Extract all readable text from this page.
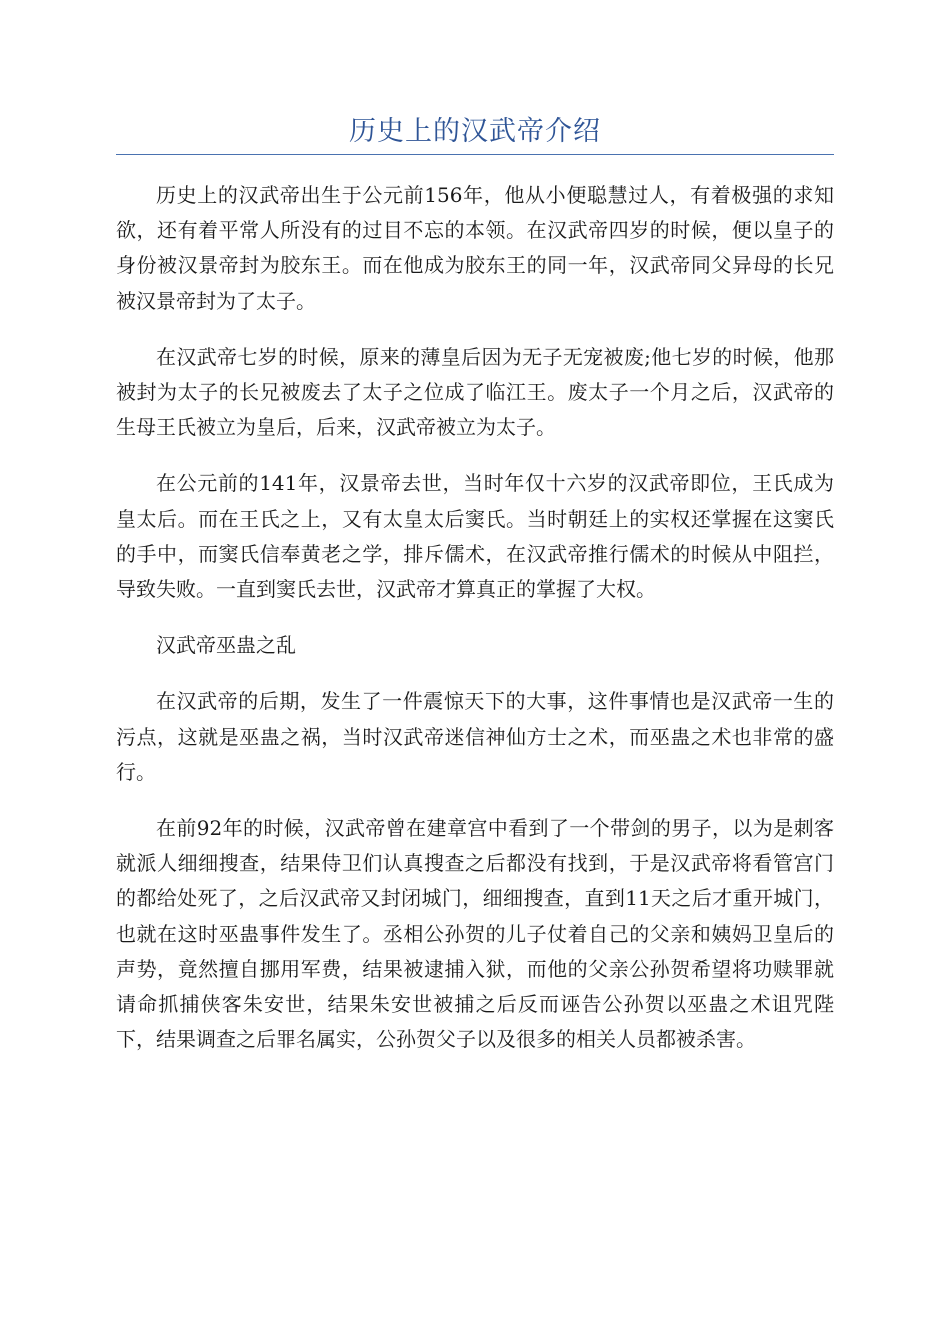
历史上的汉武帝介绍

历史上的汉武帝出生于公元前156年，他从小便聪慧过人，有着极强的求知欲，还有着平常人所没有的过目不忘的本领。在汉武帝四岁的时候，便以皇子的身份被汉景帝封为胶东王。而在他成为胶东王的同一年，汉武帝同父异母的长兄被汉景帝封为了太子。

在汉武帝七岁的时候，原来的薄皇后因为无子无宠被废;他七岁的时候，他那被封为太子的长兄被废去了太子之位成了临江王。废太子一个月之后，汉武帝的生母王氏被立为皇后，后来，汉武帝被立为太子。

在公元前的141年，汉景帝去世，当时年仅十六岁的汉武帝即位，王氏成为皇太后。而在王氏之上，又有太皇太后窦氏。当时朝廷上的实权还掌握在这窦氏的手中，而窦氏信奉黄老之学，排斥儒术，在汉武帝推行儒术的时候从中阻拦，导致失败。一直到窦氏去世，汉武帝才算真正的掌握了大权。

汉武帝巫蛊之乱

在汉武帝的后期，发生了一件震惊天下的大事，这件事情也是汉武帝一生的污点，这就是巫蛊之祸，当时汉武帝迷信神仙方士之术，而巫蛊之术也非常的盛行。

在前92年的时候，汉武帝曾在建章宫中看到了一个带剑的男子，以为是刺客就派人细细搜查，结果侍卫们认真搜查之后都没有找到，于是汉武帝将看管宫门的都给处死了，之后汉武帝又封闭城门，细细搜查，直到11天之后才重开城门，也就在这时巫蛊事件发生了。丞相公孙贺的儿子仗着自己的父亲和姨妈卫皇后的声势，竟然擅自挪用军费，结果被逮捕入狱，而他的父亲公孙贺希望将功赎罪就请命抓捕侠客朱安世，结果朱安世被捕之后反而诬告公孙贺以巫蛊之术诅咒陛下，结果调查之后罪名属实，公孙贺父子以及很多的相关人员都被杀害。
